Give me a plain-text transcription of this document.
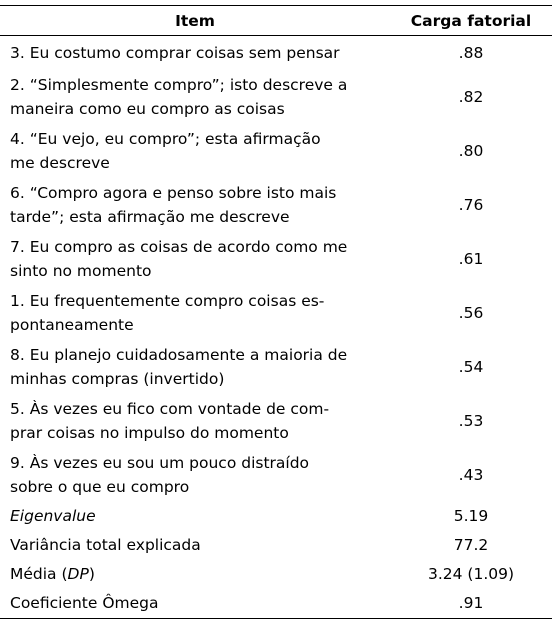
Item	Carga fatorial
3. Eu costumo comprar coisas sem pensar	.88
2. “Simplesmente compro”; isto descreve a
maneira como eu compro as coisas	.82
4. “Eu vejo, eu compro”; esta afirmação
me descreve	.80
6. “Compro agora e penso sobre isto mais
tarde”; esta afirmação me descreve	.76
7. Eu compro as coisas de acordo como me
sinto no momento	.61
1. Eu frequentemente compro coisas es-
pontaneamente	.56
8. Eu planejo cuidadosamente a maioria de
minhas compras (invertido)	.54
5. Às vezes eu fico com vontade de com-
prar coisas no impulso do momento	.53
9. Às vezes eu sou um pouco distraído
sobre o que eu compro	.43
Eigenvalue	5.19
Variância total explicada	77.2
Média (DP)	3.24 (1.09)
Coeficiente Ômega	.91
